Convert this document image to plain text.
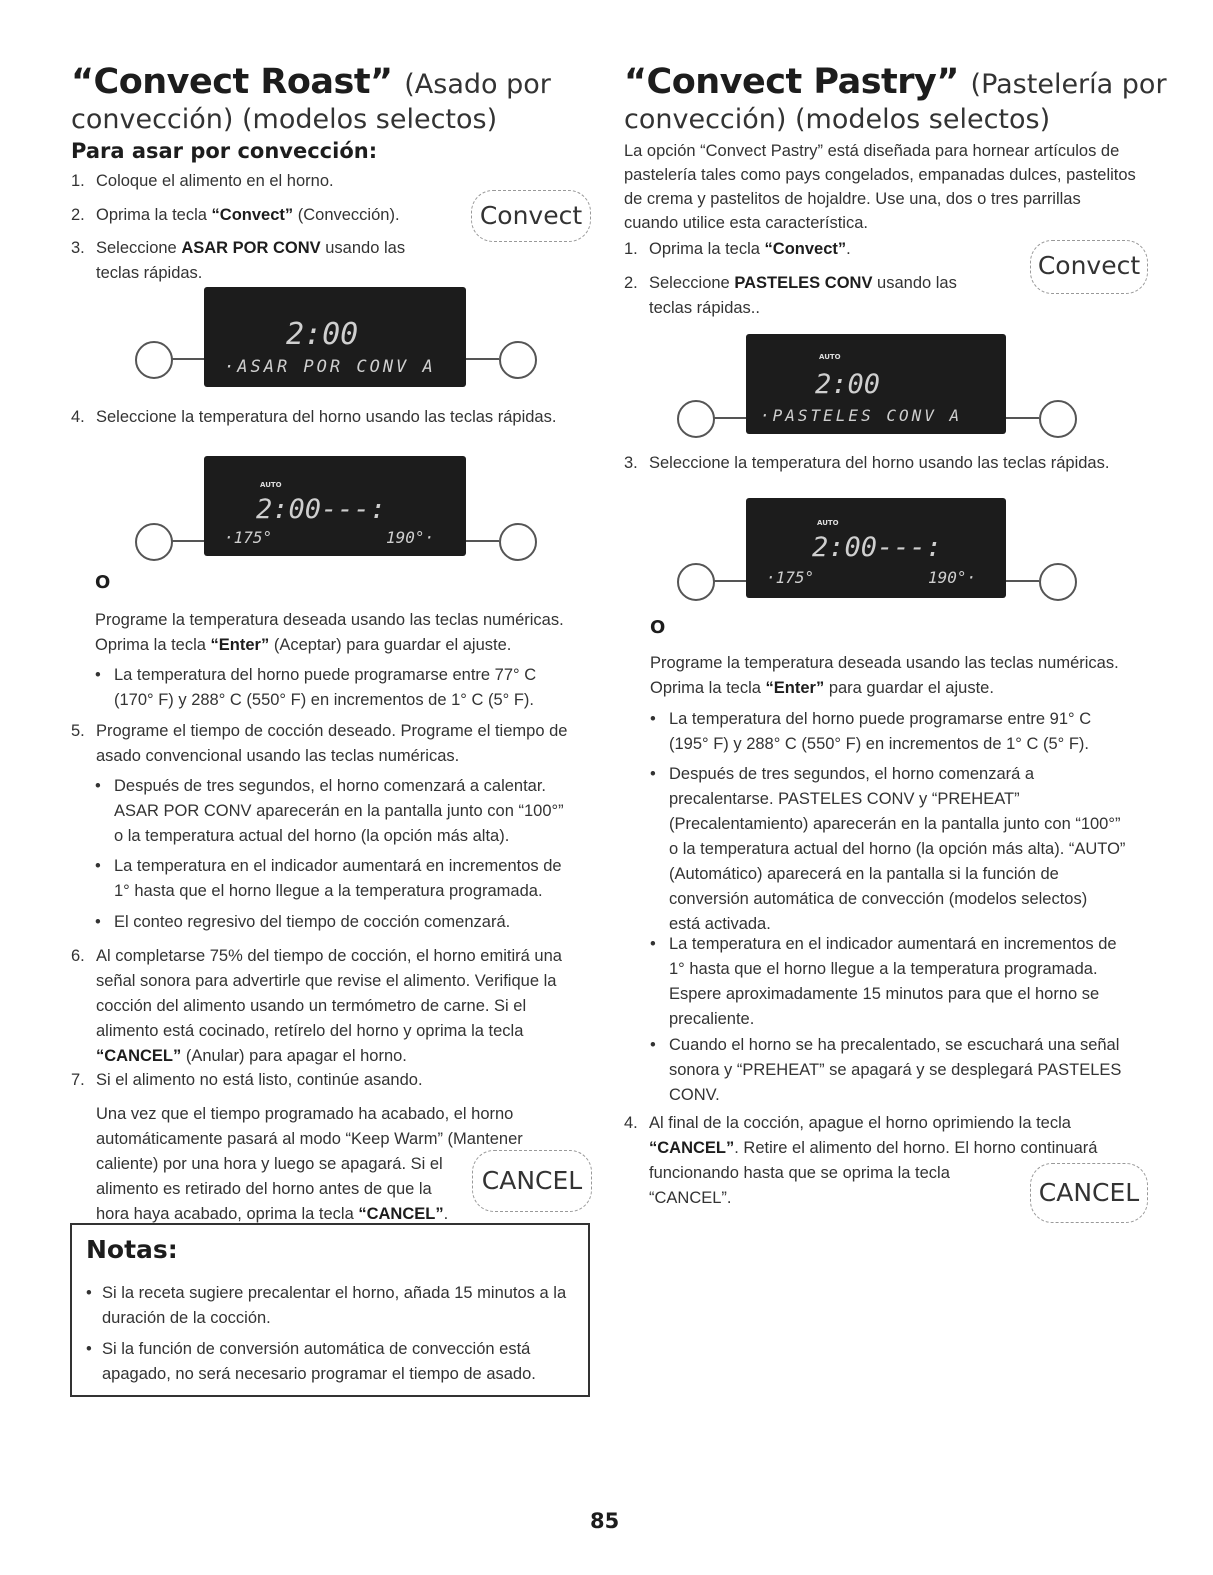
“Convect Roast” (Asado por
convección) (modelos selectos)
Para asar por convección:
1. Coloque el alimento en el horno.
2. Oprima la tecla “Convect” (Convección).	Convect
3. Seleccione ASAR POR CONV usando las
teclas rápidas.
2:00
·ASAR POR CONV A
4. Seleccione la temperatura del horno usando las teclas rápidas.
AUTO
2:00---:
·175°	190°·
O
Programe la temperatura deseada usando las teclas numéricas.
Oprima la tecla “Enter” (Aceptar) para guardar el ajuste.
• La temperatura del horno puede programarse entre 77° C
(170° F) y 288° C (550° F) en incrementos de 1° C (5° F).
5. Programe el tiempo de cocción deseado. Programe el tiempo de
asado convencional usando las teclas numéricas.
• Después de tres segundos, el horno comenzará a calentar.
ASAR POR CONV aparecerán en la pantalla junto con “100°”
o la temperatura actual del horno (la opción más alta).
• La temperatura en el indicador aumentará en incrementos de
1° hasta que el horno llegue a la temperatura programada.
• El conteo regresivo del tiempo de cocción comenzará.
6. Al completarse 75% del tiempo de cocción, el horno emitirá una
señal sonora para advertirle que revise el alimento. Verifique la
cocción del alimento usando un termómetro de carne. Si el
alimento está cocinado, retírelo del horno y oprima la tecla
“CANCEL” (Anular) para apagar el horno.
7. Si el alimento no está listo, continúe asando.
Una vez que el tiempo programado ha acabado, el horno
automáticamente pasará al modo “Keep Warm” (Mantener
caliente) por una hora y luego se apagará. Si el
alimento es retirado del horno antes de que la
hora haya acabado, oprima la tecla “CANCEL”.
CANCEL
Notas:
• Si la receta sugiere precalentar el horno, añada 15 minutos a la
duración de la cocción.
• Si la función de conversión automática de convección está
apagado, no será necesario programar el tiempo de asado.
“Convect Pastry” (Pastelería por
convección) (modelos selectos)
La opción “Convect Pastry” está diseñada para hornear artículos de
pastelería tales como pays congelados, empanadas dulces, pastelitos
de crema y pastelitos de hojaldre. Use una, dos o tres parrillas
cuando utilice esta característica.
1. Oprima la tecla “Convect”.
Convect
2. Seleccione PASTELES CONV usando las
teclas rápidas..
AUTO
2:00
·PASTELES CONV A
3. Seleccione la temperatura del horno usando las teclas rápidas.
AUTO
2:00---:
·175°	190°·
O
Programe la temperatura deseada usando las teclas numéricas.
Oprima la tecla “Enter” para guardar el ajuste.
• La temperatura del horno puede programarse entre 91° C
(195° F) y 288° C (550° F) en incrementos de 1° C (5° F).
• Después de tres segundos, el horno comenzará a
precalentarse. PASTELES CONV y “PREHEAT”
(Precalentamiento) aparecerán en la pantalla junto con “100°”
o la temperatura actual del horno (la opción más alta). “AUTO”
(Automático) aparecerá en la pantalla si la función de
conversión automática de convección (modelos selectos)
está activada.
• La temperatura en el indicador aumentará en incrementos de
1° hasta que el horno llegue a la temperatura programada.
Espere aproximadamente 15 minutos para que el horno se
precaliente.
• Cuando el horno se ha precalentado, se escuchará una señal
sonora y “PREHEAT” se apagará y se desplegará PASTELES
CONV.
4. Al final de la cocción, apague el horno oprimiendo la tecla
“CANCEL”. Retire el alimento del horno. El horno continuará
funcionando hasta que se oprima la tecla
“CANCEL”.	CANCEL
85
